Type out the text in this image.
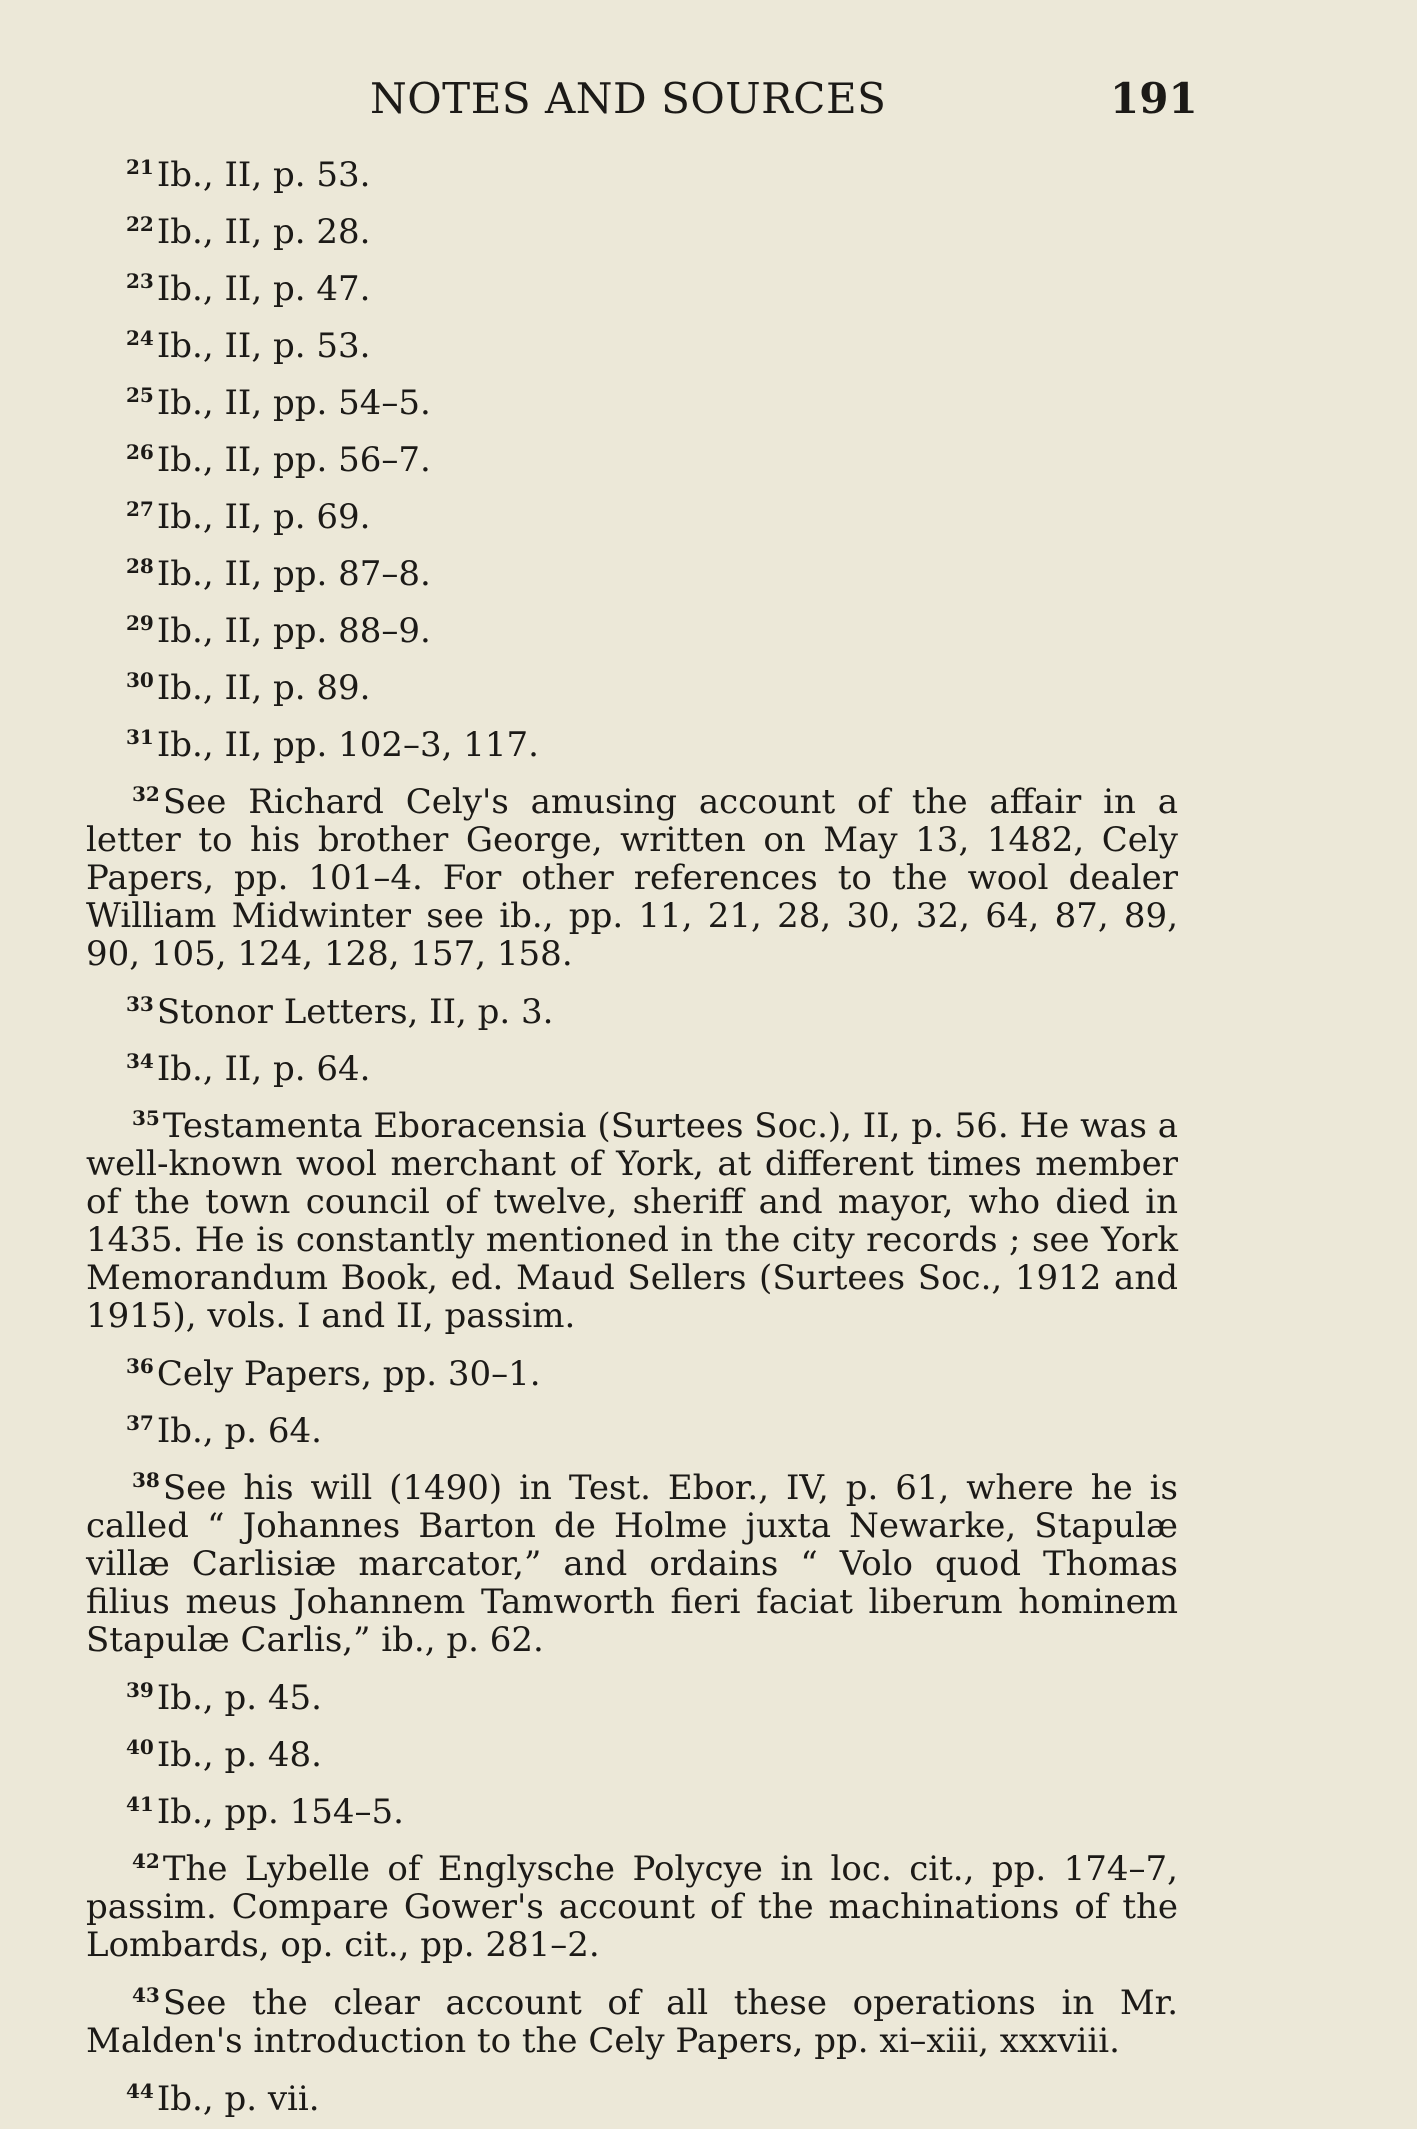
NOTES AND SOURCES	191

$^{21}$Ib., II, p. 53.

$^{22}$Ib., II, p. 28.

$^{23}$Ib., II, p. 47.

$^{24}$Ib., II, p. 53.

$^{25}$Ib., II, pp. 54–5.

$^{26}$Ib., II, pp. 56–7.

$^{27}$Ib., II, p. 69.

$^{28}$Ib., II, pp. 87–8.

$^{29}$Ib., II, pp. 88–9.

$^{30}$Ib., II, p. 89.

$^{31}$Ib., II, pp. 102–3, 117.

$^{32}$See Richard Cely's amusing account of the affair in a letter to his brother George, written on May 13, 1482, Cely Papers, pp. 101–4. For other references to the wool dealer William Midwinter see ib., pp. 11, 21, 28, 30, 32, 64, 87, 89, 90, 105, 124, 128, 157, 158.

$^{33}$Stonor Letters, II, p. 3.

$^{34}$Ib., II, p. 64.

$^{35}$Testamenta Eboracensia (Surtees Soc.), II, p. 56. He was a well-known wool merchant of York, at different times member of the town council of twelve, sheriff and mayor, who died in 1435. He is constantly mentioned in the city records ; see York Memorandum Book, ed. Maud Sellers (Surtees Soc., 1912 and 1915), vols. I and II, passim.

$^{36}$Cely Papers, pp. 30–1.

$^{37}$Ib., p. 64.

$^{38}$See his will (1490) in Test. Ebor., IV, p. 61, where he is called “ Johannes Barton de Holme juxta Newarke, Stapulæ villæ Carlisiæ marcator,” and ordains “ Volo quod Thomas filius meus Johannem Tamworth fieri faciat liberum hominem Stapulæ Carlis,” ib., p. 62.

$^{39}$Ib., p. 45.

$^{40}$Ib., p. 48.

$^{41}$Ib., pp. 154–5.

$^{42}$The Lybelle of Englysche Polycye in loc. cit., pp. 174–7, passim. Compare Gower's account of the machinations of the Lombards, op. cit., pp. 281–2.

$^{43}$See the clear account of all these operations in Mr. Malden's introduction to the Cely Papers, pp. xi–xiii, xxxviii.

$^{44}$Ib., p. vii.
